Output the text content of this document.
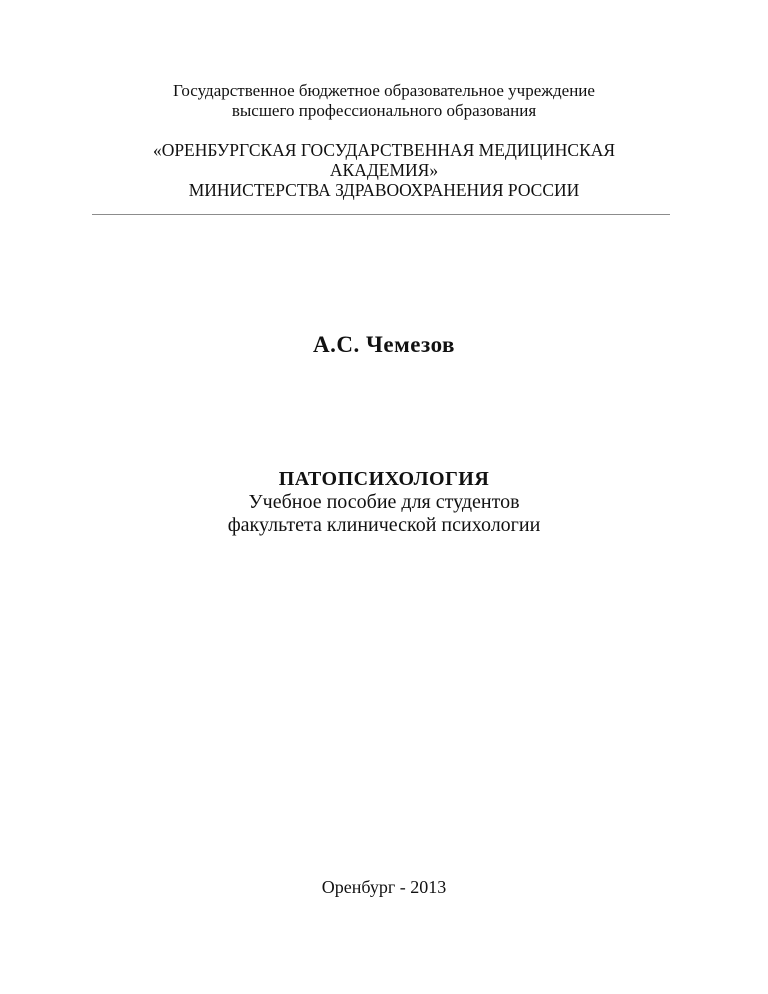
Государственное бюджетное образовательное учреждение
высшего профессионального образования
«ОРЕНБУРГСКАЯ ГОСУДАРСТВЕННАЯ МЕДИЦИНСКАЯ
АКАДЕМИЯ»
МИНИСТЕРСТВА ЗДРАВООХРАНЕНИЯ РОССИИ
А.С. Чемезов
ПАТОПСИХОЛОГИЯ
Учебное пособие для студентов
факультета клинической психологии
Оренбург - 2013
